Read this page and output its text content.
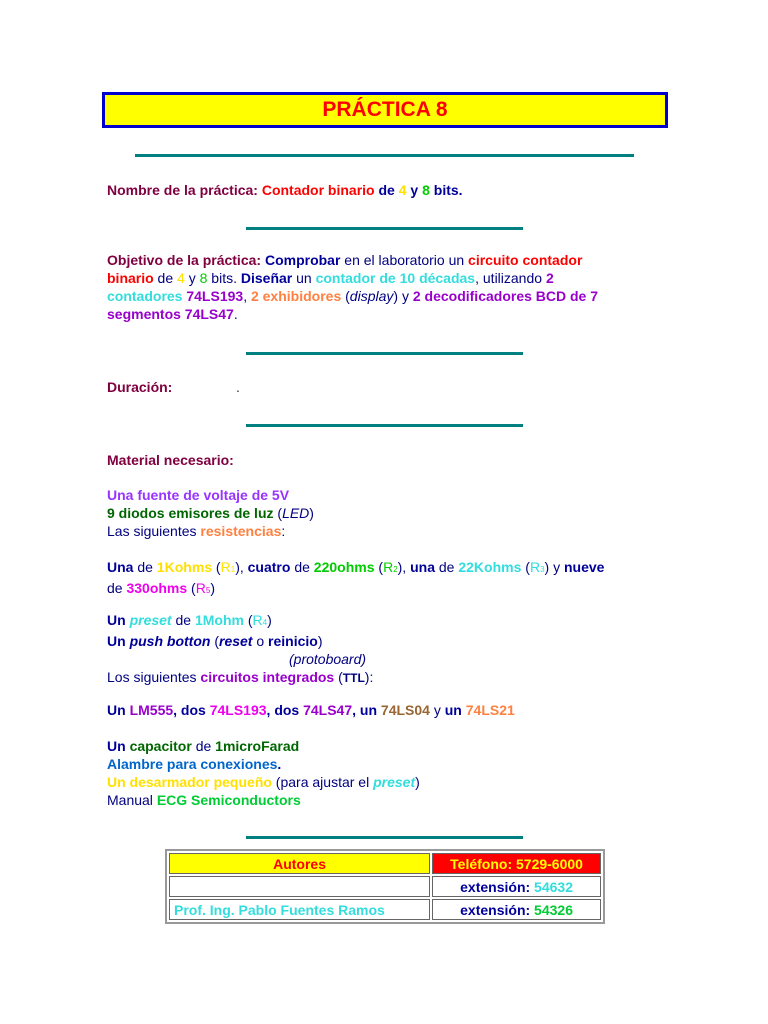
PRÁCTICA 8
Nombre de la práctica: Contador binario de 4 y 8 bits.
Objetivo de la práctica: Comprobar en el laboratorio un circuito contador
binario de 4 y 8 bits. Diseñar un contador de 10 décadas, utilizando 2
contadores 74LS193, 2 exhibidores (display) y 2 decodificadores BCD de 7
segmentos 74LS47.
Duración:	.
Material necesario:
Una fuente de voltaje de 5V
9 diodos emisores de luz (LED)
Las siguientes resistencias:
Una de 1Kohms (R1), cuatro de 220ohms (R2), una de 22Kohms (R3) y nueve
de 330ohms (R5)
Un preset de 1Mohm (R4)
Un push botton (reset o reinicio)
(protoboard)
Los siguientes circuitos integrados (TTL):
Un LM555, dos 74LS193, dos 74LS47, un 74LS04 y un 74LS21
Un capacitor de 1microFarad
Alambre para conexiones.
Un desarmador pequeño (para ajustar el preset)
Manual ECG Semiconductors
Autores	Teléfono: 5729-6000
	extensión: 54632
Prof. Ing. Pablo Fuentes Ramos	extensión: 54326
